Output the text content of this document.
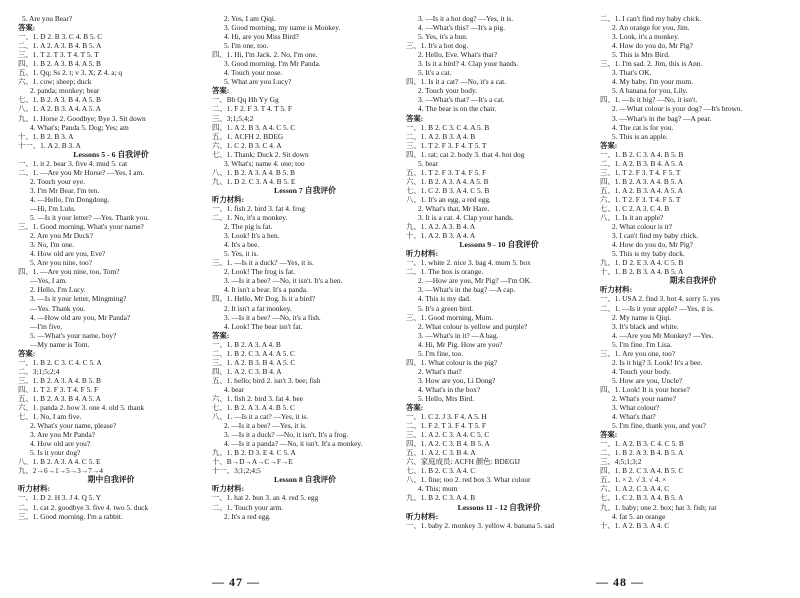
5. Are you Bear?
答案:
一、1. D 2. B 3. C 4. B 5. C
二、1. A 2. A 3. B 4. B 5. A
三、1. T 2. T 3. T 4. T 5. T
四、1. B 2. A 3. B 4. A 5. B
五、1. Qq; Ss 2. t; v 3. X; Z 4. a; q
六、1. cow; sheep; duck
2. panda; monkey; bear
七、1. B 2. A 3. B 4. A 5. B
八、1. A 2. B 3. A 4. A 5. A
九、1. Horse 2. Goodbye; Bye 3. Sit down
4. What's; Panda 5. Dog; Yes; am
十、1. B 2. B 3. A
十一、1. A 2. B 3. A
Lessons 5 - 6 自我评价
一、1. it 2. bear 3. five 4. mud 5. cat
二、1. —Are you Mr Horse? —Yes, I am.
2. Touch your eye.
3. I'm Mr Bear. I'm ten.
4. —Hello, I'm Dongdong.
—Hi, I'm Lulu.
5. —Is it your letter? —Yes. Thank you.
三、1. Good morning. What's your name?
2. Are you Mr Duck?
3. No, I'm one.
4. How old are you, Eve?
5. Are you nine, too?
四、1. —Are you nine, too, Tom?
—Yes, I am.
2. Hello, I'm Lucy.
3. —Is it your letter, Mingming?
—Yes. Thank you.
4. —How old are you, Mr Panda?
—I'm five.
5. —What's your name, boy?
—My name is Tom.
答案:
一、1. B 2. C 3. C 4. C 5. A
二、3;1;5;2;4
三、1. B 2. A 3. A 4. B 5. B
四、1. T 2. F 3. T 4. F 5. F
五、1. B 2. A 3. B 4. A 5. A
六、1. panda 2. how 3. one 4. old 5. thank
七、1. No, I am five.
2. What's your name, please?
3. Are you Mr Panda?
4. How old are you?
5. Is it your dog?
八、1. B 2. A 3. A 4. C 5. E
九、2→6→1→5→3→7→4
期中自我评价
听力材料:
一、1. D 2. H 3. J 4. Q 5. Y
二、1. cat 2. goodbye 3. five 4. two 5. duck
三、1. Good morning. I'm a rabbit.
2. Yes, I am Qiqi.
3. Good morning, my name is Monkey.
4. Hi, are you Miss Bird?
5. I'm one, too.
四、1. Hi, I'm Jack. 2. No, I'm one.
3. Good morning. I'm Mr Panda.
4. Touch your nose.
5. What are you Lucy?
答案:
一、Bb Qq Hh Yy Gg
二、1. F 2. F 3. T 4. T 5. F
三、3;1;5;4;2
四、1. A 2. B 3. A 4. C 5. C
五、1. ACFH 2. BDEG
六、1. C 2. B 3. C 4. A
七、1. Thank; Duck 2. Sit down
3. What's; name 4. one; too
八、1. B 2. A 3. A 4. B 5. B
九、1. D 2. C 3. A 4. B 5. E
Lesson 7 自我评价
听力材料:
一、1. fish 2. bird 3. fat 4. frog
二、1. No, it's a monkey.
2. The pig is fat.
3. Look! It's a hen.
4. It's a bee.
5. Yes, it is.
三、1. —Is it a duck? —Yes, it is.
2. Look! The frog is fat.
3. —Is it a bee? —No, it isn't. It's a hen.
4. It isn't a bear. It's a panda.
四、1. Hello, Mr Dog. Is it a bird?
2. It isn't a fat monkey.
3. —Is it a bee? —No, it's a fish.
4. Look! The bear isn't fat.
答案:
一、1. B 2. A 3. A 4. B
二、1. B 2. C 3. A 4. A 5. C
三、1. A 2. B 3. B 4. A 5. C
四、1. A 2. C 3. B 4. A
五、1. hello; bird 2. isn't 3. bee; fish
4. bear
六、1. fish 2. bird 3. fat 4. bee
七、1. B 2. A 3. A 4. B 5. C
八、1. —Is it a cat? —Yes, it is.
2. —Is it a bee? —Yes, it is.
3. —Is it a duck? —No, it isn't. It's a frog.
4. —Is it a panda? —No, it isn't. It's a monkey.
九、1. B 2. D 3. E 4. C 5. A
十、B→D→A→C→F→E
十一、3;1;2;4;5
Lesson 8 自我评价
听力材料:
一、1. hat 2. bun 3. an 4. red 5. egg
二、1. Touch your arm.
2. It's a red egg.
3. —Is it a hot dog? —Yes, it is.
4. —What's this? —It's a pig.
5. Yes, it's a bun.
三、1. It's a hot dog.
2. Hello, Eve. What's that?
3. Is it a bird? 4. Clap your hands.
5. It's a cat.
四、1. Is it a cat? —No, it's a cat.
2. Touch your body.
3. —What's that? —It's a cat.
4. The bear is on the chair.
答案:
一、1. B 2. C 3. C 4. A 5. B
二、1. A 2. B 3. A 4. B
三、1. T 2. F 3. F 4. T 5. T
四、1. rat; cat 2. body 3. that 4. hot dog
5. bear
五、1. T 2. F 3. T 4. F 5. F
六、1. B 2. A 3. A 4. A 5. B
七、1. C 2. B 3. A 4. C 5. B
八、1. It's an egg, a red egg.
2. What's that, Mr Hare.
3. It is a cat. 4. Clap your hands.
九、1. A 2. A 3. B 4. A
十、1. A 2. B 3. A 4. A
Lessons 9 - 10 自我评价
听力材料:
一、1. white 2. nice 3. bag 4. mum 5. box
二、1. The box is orange.
2. —How are you, Mr Pig? —I'm OK.
3. —What's in the bag? —A cap.
4. This is my dad.
5. It's a green bird.
三、1. Good morning, Mum.
2. What colour is yellow and purple?
3. —What's in it? —A bag.
4. Hi, Mr Pig. How are you?
5. I'm fine, too.
四、1. What colour is the pig?
2. What's that?
3. How are you, Li Dong?
4. What's in the box?
5. Hello, Mrs Bird.
答案:
一、1. C 2. J 3. F 4. A 5. H
二、1. F 2. T 3. F 4. T 5. F
三、1. A 2. C 3. A 4. C 5. C
四、1. A 2. C 3. B 4. B 5. A
五、1. A 2. C 3. B 4. A
六、家庭成员: ACFH 颜色: BDEGIJ
七、1. B 2. C 3. A 4. C
八、1. fine; too 2. red box 3. What colour
4. This; mum
九、1. B 2. C 3. A 4. B
Lessons 11 - 12 自我评价
听力材料:
一、1. baby 2. monkey 3. yellow 4. banana 5. sad
二、1. I can't find my baby chick.
2. An orange for you, Jim.
3. Look, it's a monkey.
4. How do you do, Mr Pig?
5. This is Mrs Bird.
三、1. I'm sad. 2. Jim, this is Ann.
3. That's OK.
4. My baby, I'm your mum.
5. A banana for you, Lily.
四、1. —Is it big? —No, it isn't.
2. —What colour is your dog? —It's brown.
3. —What's in the bag? —A pear.
4. The cat is for you.
5. This is an apple.
答案:
一、1. B 2. C 3. A 4. B 5. B
二、1. A 2. B 3. B 4. A 5. A
三、1. T 2. F 3. T 4. F 5. T
四、1. B 2. A 3. A 4. B 5. A
五、1. A 2. B 3. A 4. A 5. A
六、1. T 2. F 3. T 4. F 5. T
七、1. C 2. A 3. C 4. B
八、1. Is it an apple?
2. What colour is it?
3. I can't find my baby chick.
4. How do you do, Mr Pig?
5. This is my baby duck.
九、1. D 2. E 3. A 4. C 5. B
十、1. B 2. B 3. A 4. B 5. A
期末自我评价
听力材料:
一、1. USA 2. find 3. hot 4. sorry 5. yes
二、1. —Is it your apple? —Yes, it is.
2. My name is Qiqi.
3. It's black and white.
4. —Are you Mr Monkey? —Yes.
5. I'm fine. I'm Lisa.
三、1. Are you one, too?
2. Is it big? 3. Look! It's a bee.
4. Touch your body.
5. How are you, Uncle?
四、1. Look! It is your horse?
2. What's your name?
3. What colour?
4. What's that?
5. I'm fine, thank you, and you?
答案:
一、1. A 2. B 3. C 4. C 5. B
二、1. B 2. A 3. B 4. B 5. A
三、4;5;1;3;2
四、1. B 2. C 3. A 4. B 5. C
五、1. × 2. √ 3. √ 4. ×
六、1. A 2. C 3. A 4. C
七、1. C 2. B 3. A 4. B 5. A
九、1. baby; one 2. box; hat 3. fish; rat
4. fat 5. an orange
十、1. A 2. B 3. A 4. C
— 47 —	— 48 —
